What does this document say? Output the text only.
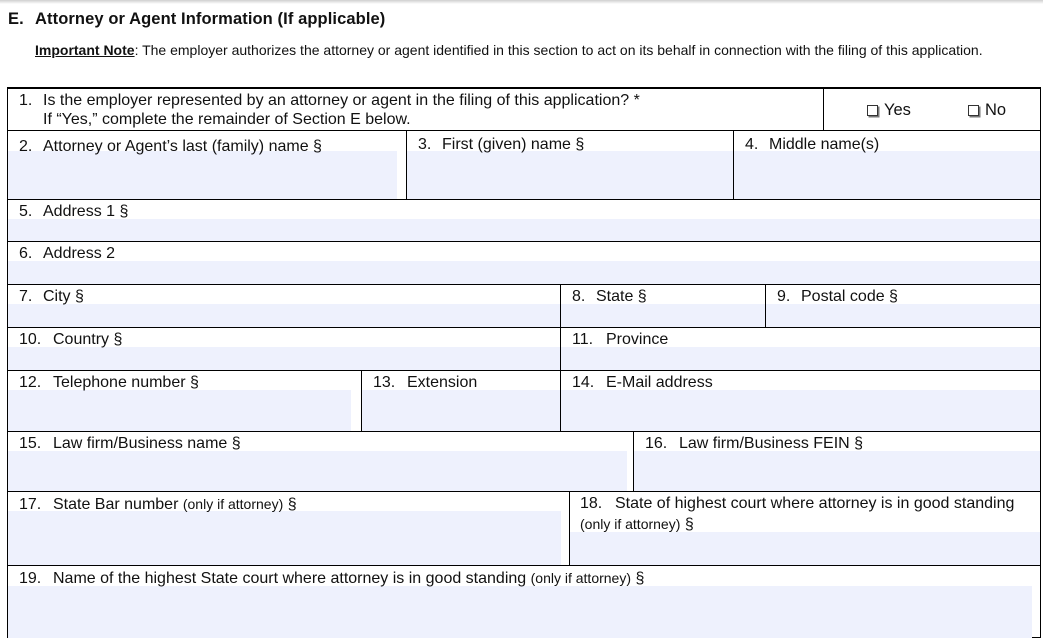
E. Attorney or Agent Information (If applicable)
Important Note: The employer authorizes the attorney or agent identified in this section to act on its behalf in connection with the filing of this application.
1. Is the employer represented by an attorney or agent in the filing of this application? *
If “Yes,” complete the remainder of Section E below.
Yes	No
2. Attorney or Agent’s last (family) name §	3. First (given) name §	4. Middle name(s)
5. Address 1 §
6. Address 2
7. City §	8. State §	9. Postal code §
10. Country §	11. Province
12. Telephone number §	13. Extension	14. E-Mail address
15. Law firm/Business name §	16. Law firm/Business FEIN §
17. State Bar number (only if attorney) §	18. State of highest court where attorney is in good standing (only if attorney) §
19. Name of the highest State court where attorney is in good standing (only if attorney) §
